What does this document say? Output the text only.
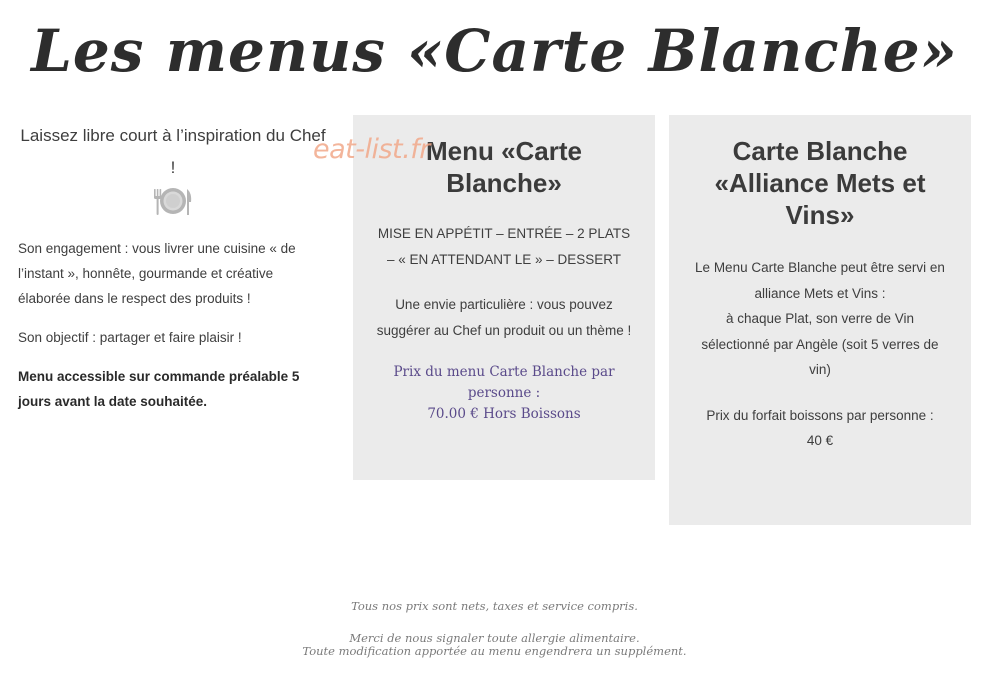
Les menus «Carte Blanche»
Laissez libre court à l’inspiration du Chef !

Son engagement : vous livrer une cuisine « de l’instant », honnête, gourmande et créative élaborée dans le respect des produits !

Son objectif : partager et faire plaisir !

Menu accessible sur commande préalable 5 jours avant la date souhaitée.

Menu «Carte Blanche»
MISE EN APPÉTIT – ENTRÉE – 2 PLATS – « EN ATTENDANT LE » – DESSERT
Une envie particulière : vous pouvez suggérer au Chef un produit ou un thème !
Prix du menu Carte Blanche par personne :
70.00 € Hors Boissons
Carte Blanche «Alliance Mets et Vins»
Le Menu Carte Blanche peut être servi en alliance Mets et Vins :
à chaque Plat, son verre de Vin sélectionné par Angèle (soit 5 verres de vin)
Prix du forfait boissons par personne :
40 €
eat-list.fr
Tous nos prix sont nets, taxes et service compris.
Merci de nous signaler toute allergie alimentaire.
Toute modification apportée au menu engendrera un supplément.
